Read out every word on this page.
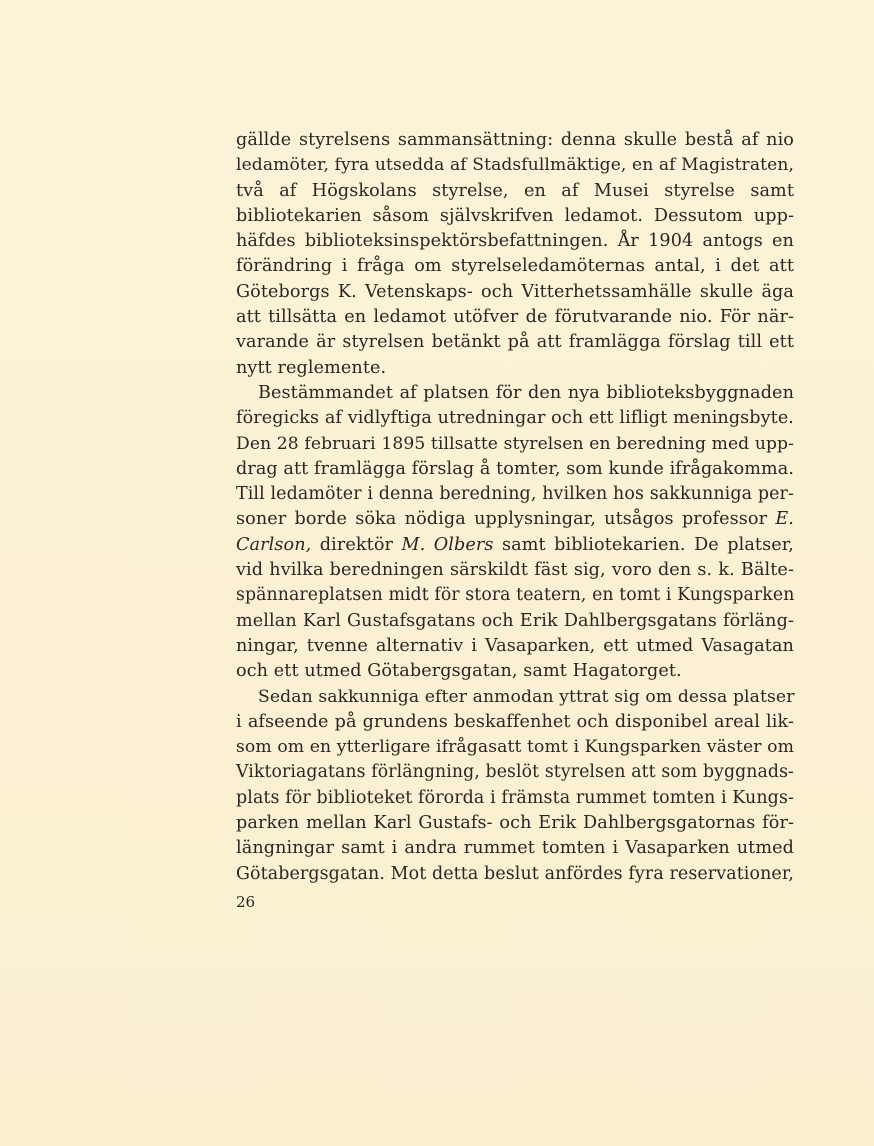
gällde styrelsens sammansättning: denna skulle bestå af nio
ledamöter, fyra utsedda af Stadsfullmäktige, en af Magistraten,
två af Högskolans styrelse, en af Musei styrelse samt
bibliotekarien såsom självskrifven ledamot. Dessutom upp-
häfdes biblioteksinspektörsbefattningen. År 1904 antogs en
förändring i fråga om styrelseledamöternas antal, i det att
Göteborgs K. Vetenskaps- och Vitterhetssamhälle skulle äga
att tillsätta en ledamot utöfver de förutvarande nio. För när-
varande är styrelsen betänkt på att framlägga förslag till ett
nytt reglemente.

Bestämmandet af platsen för den nya biblioteksbyggnaden
föregicks af vidlyftiga utredningar och ett lifligt meningsbyte.
Den 28 februari 1895 tillsatte styrelsen en beredning med upp-
drag att framlägga förslag å tomter, som kunde ifrågakomma.
Till ledamöter i denna beredning, hvilken hos sakkunniga per-
soner borde söka nödiga upplysningar, utsågos professor E.
Carlson, direktör M. Olbers samt bibliotekarien. De platser,
vid hvilka beredningen särskildt fäst sig, voro den s. k. Bälte-
spännareplatsen midt för stora teatern, en tomt i Kungsparken
mellan Karl Gustafsgatans och Erik Dahlbergsgatans förläng-
ningar, tvenne alternativ i Vasaparken, ett utmed Vasagatan
och ett utmed Götabergsgatan, samt Hagatorget.

Sedan sakkunniga efter anmodan yttrat sig om dessa platser
i afseende på grundens beskaffenhet och disponibel areal lik-
som om en ytterligare ifrågasatt tomt i Kungsparken väster om
Viktoriagatans förlängning, beslöt styrelsen att som byggnads-
plats för biblioteket förorda i främsta rummet tomten i Kungs-
parken mellan Karl Gustafs- och Erik Dahlbergsgatornas för-
längningar samt i andra rummet tomten i Vasaparken utmed
Götabergsgatan. Mot detta beslut anfördes fyra reservationer,

26
